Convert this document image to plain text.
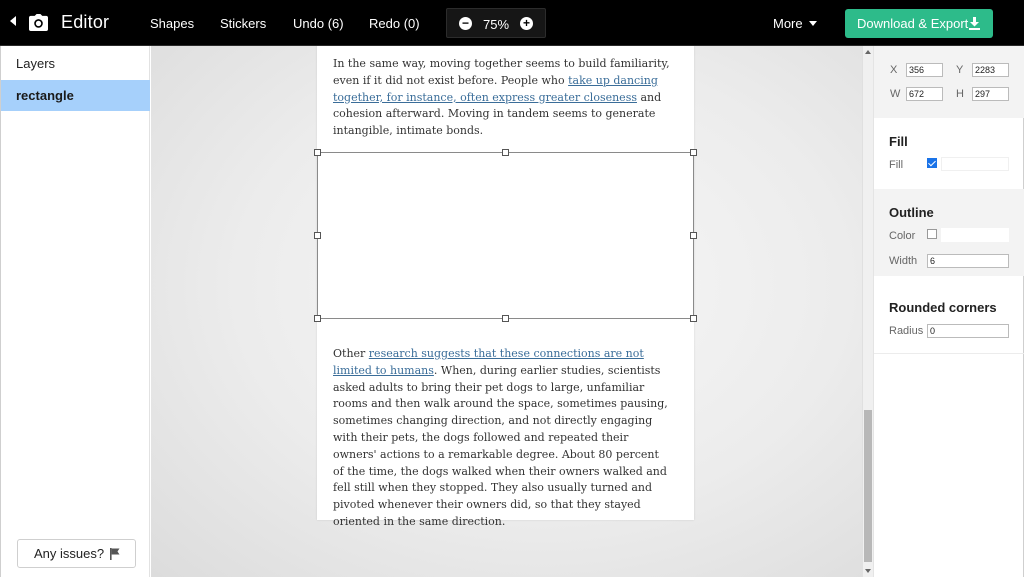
Editor	Shapes Stickers Undo (6) Redo (0)	− 75% +	More	Download & Export
Layers
rectangle
Any issues?

In the same way, moving together seems to build familiarity, even if it did not exist before. People who take up dancing together, for instance, often express greater closeness and cohesion afterward. Moving in tandem seems to generate intangible, intimate bonds.

Other research suggests that these connections are not limited to humans. When, during earlier studies, scientists asked adults to bring their pet dogs to large, unfamiliar rooms and then walk around the space, sometimes pausing, sometimes changing direction, and not directly engaging with their pets, the dogs followed and repeated their owners' actions to a remarkable degree. About 80 percent of the time, the dogs walked when their owners walked and fell still when they stopped. They also usually turned and pivoted whenever their owners did, so that they stayed oriented in the same direction.

X	356	Y	2283
W 672	H	297
Fill
Fill
Outline
Color
Width	6
Rounded corners
Radius 0
